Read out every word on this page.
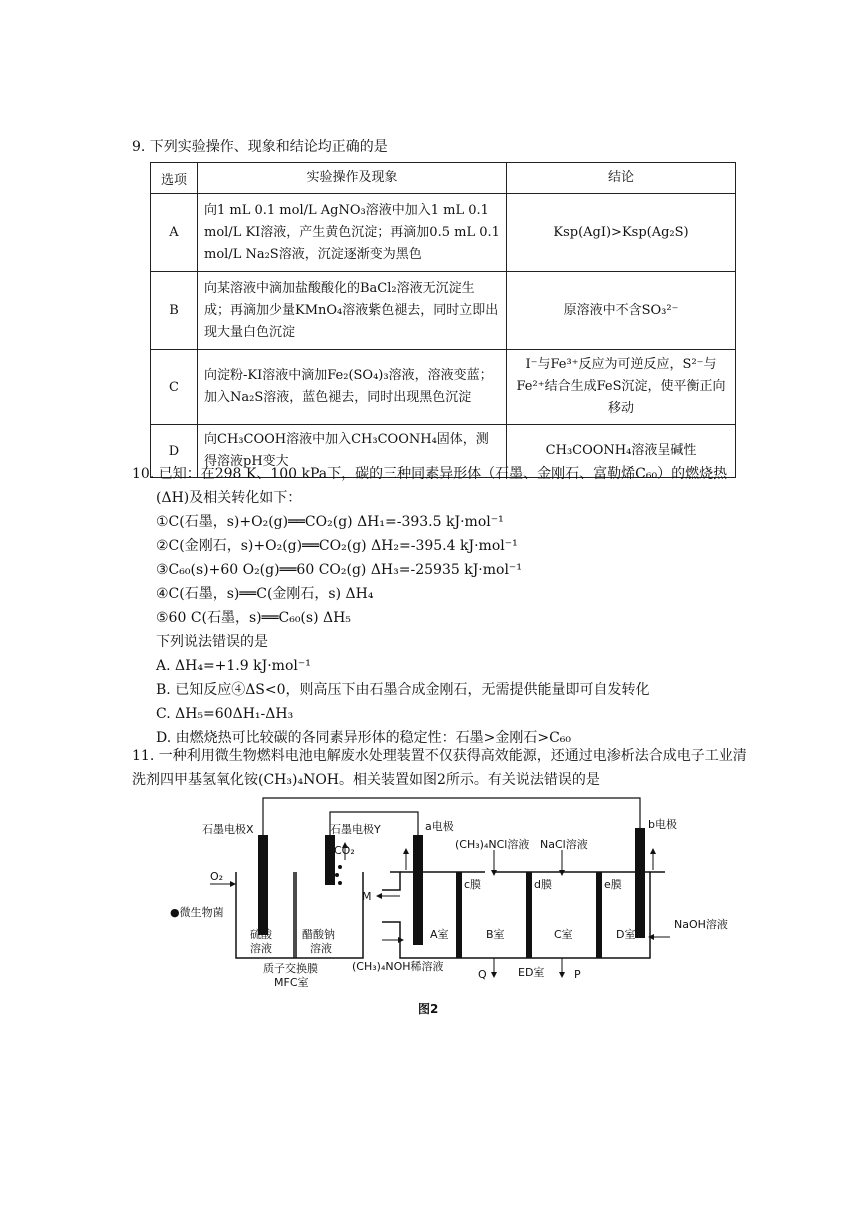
9. 下列实验操作、现象和结论均正确的是
选项	实验操作及现象	结论
A	向1 mL 0.1 mol/L AgNO₃溶液中加入1 mL 0.1 mol/L KI溶液，产生黄色沉淀；再滴加0.5 mL 0.1 mol/L Na₂S溶液，沉淀逐渐变为黑色	Ksp(AgI)>Ksp(Ag₂S)
B	向某溶液中滴加盐酸酸化的BaCl₂溶液无沉淀生成；再滴加少量KMnO₄溶液紫色褪去，同时立即出现大量白色沉淀	原溶液中不含SO₃²⁻
C	向淀粉-KI溶液中滴加Fe₂(SO₄)₃溶液，溶液变蓝；加入Na₂S溶液，蓝色褪去，同时出现黑色沉淀	I⁻与Fe³⁺反应为可逆反应，S²⁻与Fe²⁺结合生成FeS沉淀，使平衡正向移动
D	向CH₃COOH溶液中加入CH₃COONH₄固体，测得溶液pH变大	CH₃COONH₄溶液呈碱性
10. 已知：在298 K、100 kPa下，碳的三种同素异形体（石墨、金刚石、富勒烯C₆₀）的燃烧热
(ΔH)及相关转化如下：
①C(石墨，s)+O₂(g)══CO₂(g) ΔH₁=-393.5 kJ·mol⁻¹
②C(金刚石，s)+O₂(g)══CO₂(g) ΔH₂=-395.4 kJ·mol⁻¹
③C₆₀(s)+60 O₂(g)══60 CO₂(g) ΔH₃=-25935 kJ·mol⁻¹
④C(石墨，s)══C(金刚石，s) ΔH₄
⑤60 C(石墨，s)══C₆₀(s) ΔH₅
下列说法错误的是
A. ΔH₄=+1.9 kJ·mol⁻¹
B. 已知反应④ΔS<0，则高压下由石墨合成金刚石，无需提供能量即可自发转化
C. ΔH₅=60ΔH₁-ΔH₃
D. 由燃烧热可比较碳的各同素异形体的稳定性：石墨>金刚石>C₆₀
11. 一种利用微生物燃料电池电解废水处理装置不仅获得高效能源，还通过电渗析法合成电子工业清
洗剂四甲基氢氧化铵(CH₃)₄NOH。相关装置如图2所示。有关说法错误的是
石墨电极X	石墨电极Y	a电极	b电极
CO₂
O₂
●微生物菌
硫酸
溶液
醋酸钠
溶液
质子交换膜
MFC室
(CH₃)₄NCl溶液 NaCl溶液
M
c膜	d膜	e膜
A室	B室	C室	D室
ED室
NaOH溶液
(CH₃)₄NOH稀溶液
Q	P
图2
